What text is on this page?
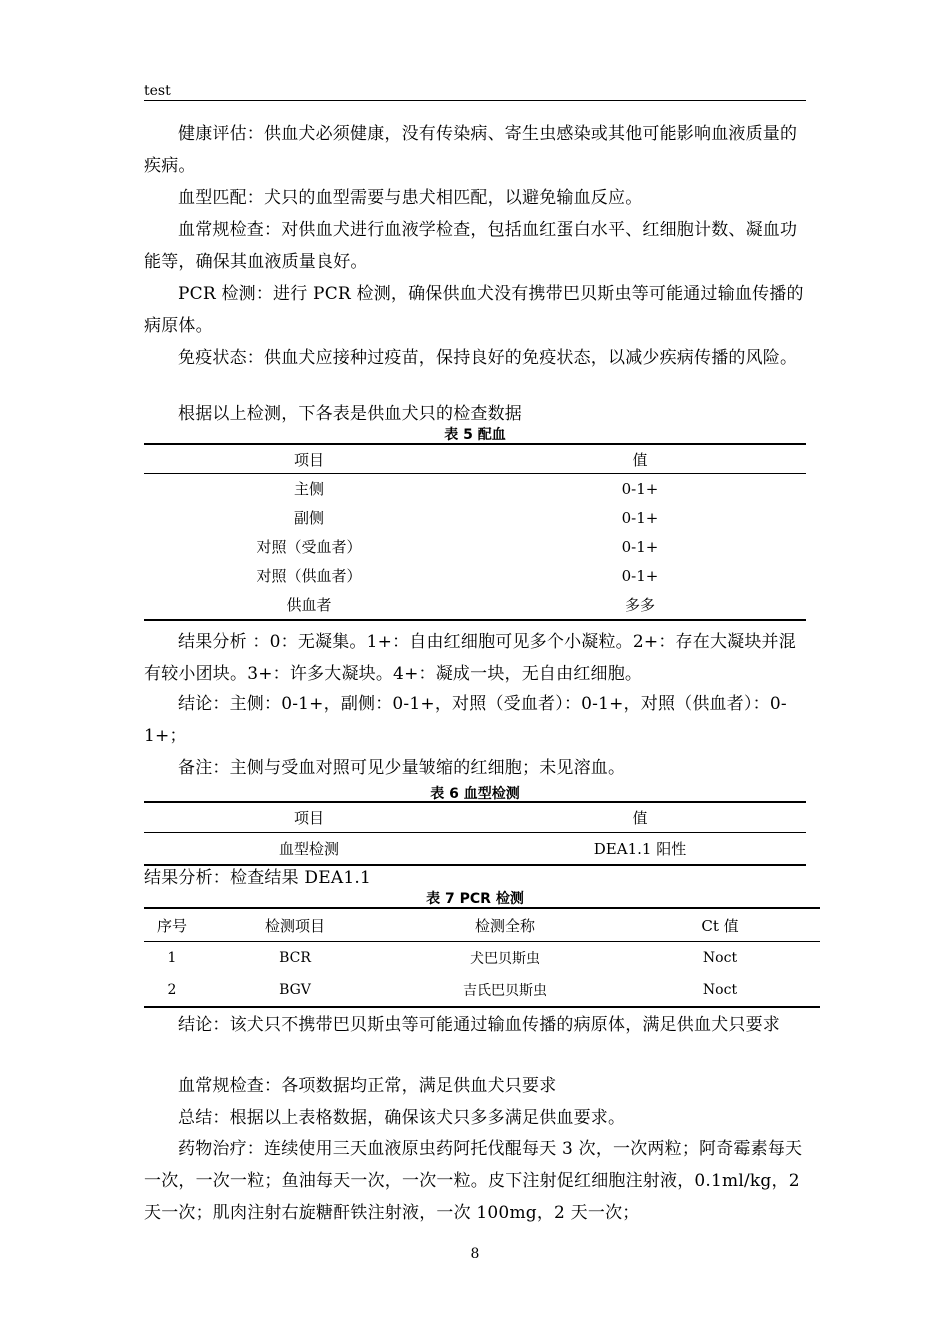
test

健康评估：供血犬必须健康，没有传染病、寄生虫感染或其他可能影响血液质量的疾病。

血型匹配：犬只的血型需要与患犬相匹配，以避免输血反应。

血常规检查：对供血犬进行血液学检查，包括血红蛋白水平、红细胞计数、凝血功能等，确保其血液质量良好。

PCR 检测：进行 PCR 检测，确保供血犬没有携带巴贝斯虫等可能通过输血传播的病原体。

免疫状态：供血犬应接种过疫苗，保持良好的免疫状态，以减少疾病传播的风险。

根据以上检测，下各表是供血犬只的检查数据

表 5 配血
项目	值
主侧	0-1+
副侧	0-1+
对照（受血者）	0-1+
对照（供血者）	0-1+
供血者	多多

结果分析 ：0：无凝集。1+：自由红细胞可见多个小凝粒。2+：存在大凝块并混有较小团块。3+：许多大凝块。4+：凝成一块，无自由红细胞。

结论：主侧：0-1+，副侧：0-1+，对照（受血者）：0-1+，对照（供血者）：0-1+；

备注：主侧与受血对照可见少量皱缩的红细胞；未见溶血。

表 6 血型检测
项目	值
血型检测	DEA1.1 阳性

结果分析：检查结果 DEA1.1

表 7 PCR 检测
序号	检测项目	检测全称	Ct 值
1	BCR	犬巴贝斯虫	Noct
2	BGV	吉氏巴贝斯虫	Noct

结论：该犬只不携带巴贝斯虫等可能通过输血传播的病原体，满足供血犬只要求

血常规检查：各项数据均正常，满足供血犬只要求

总结：根据以上表格数据，确保该犬只多多满足供血要求。

药物治疗：连续使用三天血液原虫药阿托伐醌每天 3 次，一次两粒；阿奇霉素每天一次，一次一粒；鱼油每天一次，一次一粒。皮下注射促红细胞注射液，0.1ml/kg，2 天一次；肌肉注射右旋糖酐铁注射液，一次 100mg，2 天一次；

8
